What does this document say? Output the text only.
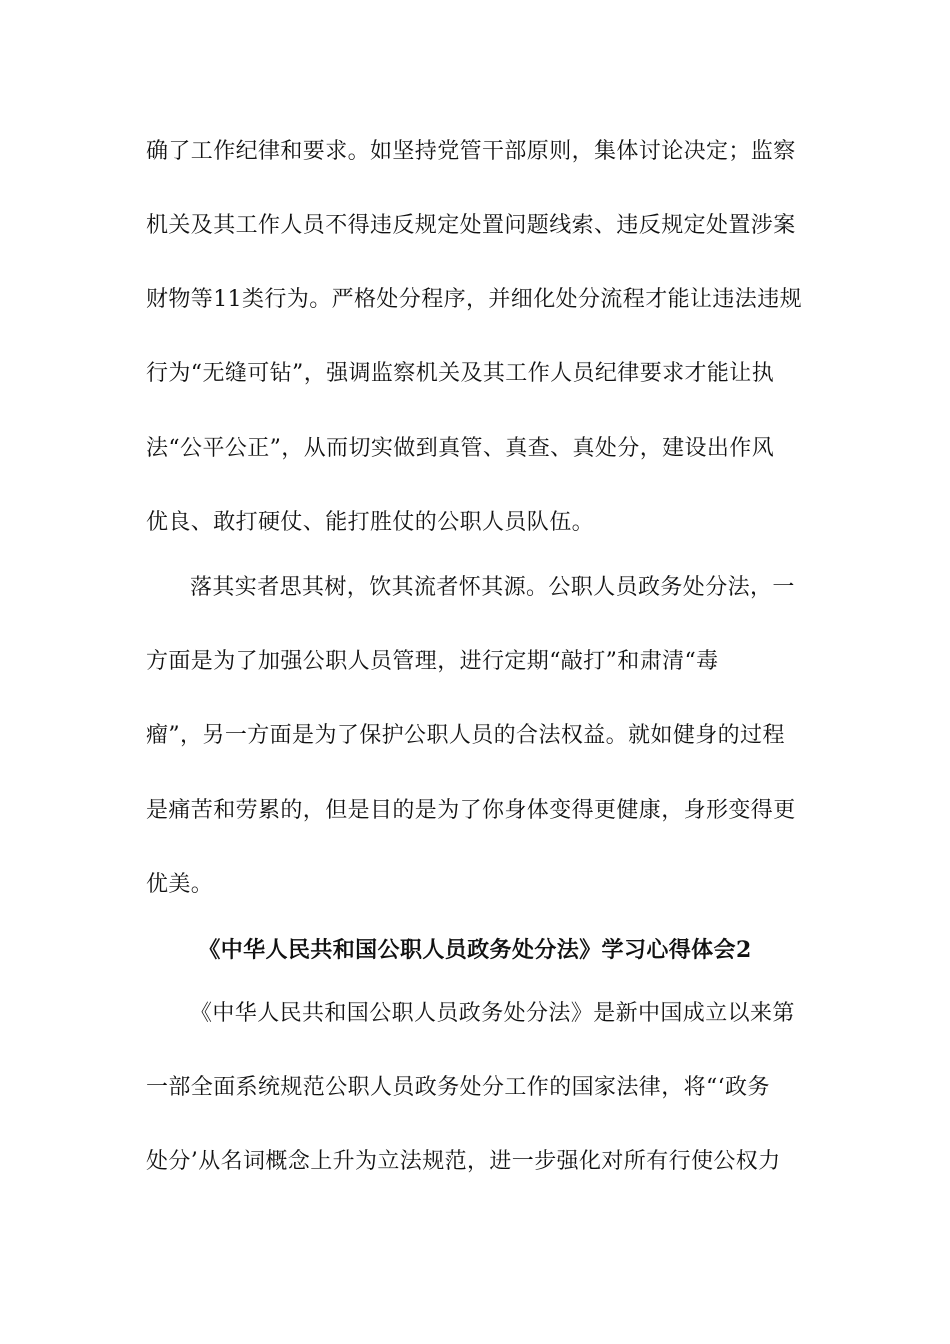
确了工作纪律和要求。如坚持党管干部原则，集体讨论决定；监察
机关及其工作人员不得违反规定处置问题线索、违反规定处置涉案
财物等11类行为。严格处分程序，并细化处分流程才能让违法违规
行为“无缝可钻”，强调监察机关及其工作人员纪律要求才能让执
法“公平公正”，从而切实做到真管、真查、真处分，建设出作风
优良、敢打硬仗、能打胜仗的公职人员队伍。
落其实者思其树，饮其流者怀其源。公职人员政务处分法，一
方面是为了加强公职人员管理，进行定期“敲打”和肃清“毒
瘤”，另一方面是为了保护公职人员的合法权益。就如健身的过程
是痛苦和劳累的，但是目的是为了你身体变得更健康，身形变得更
优美。
《中华人民共和国公职人员政务处分法》学习心得体会2
《中华人民共和国公职人员政务处分法》是新中国成立以来第
一部全面系统规范公职人员政务处分工作的国家法律，将“‘政务
处分’从名词概念上升为立法规范，进一步强化对所有行使公权力
